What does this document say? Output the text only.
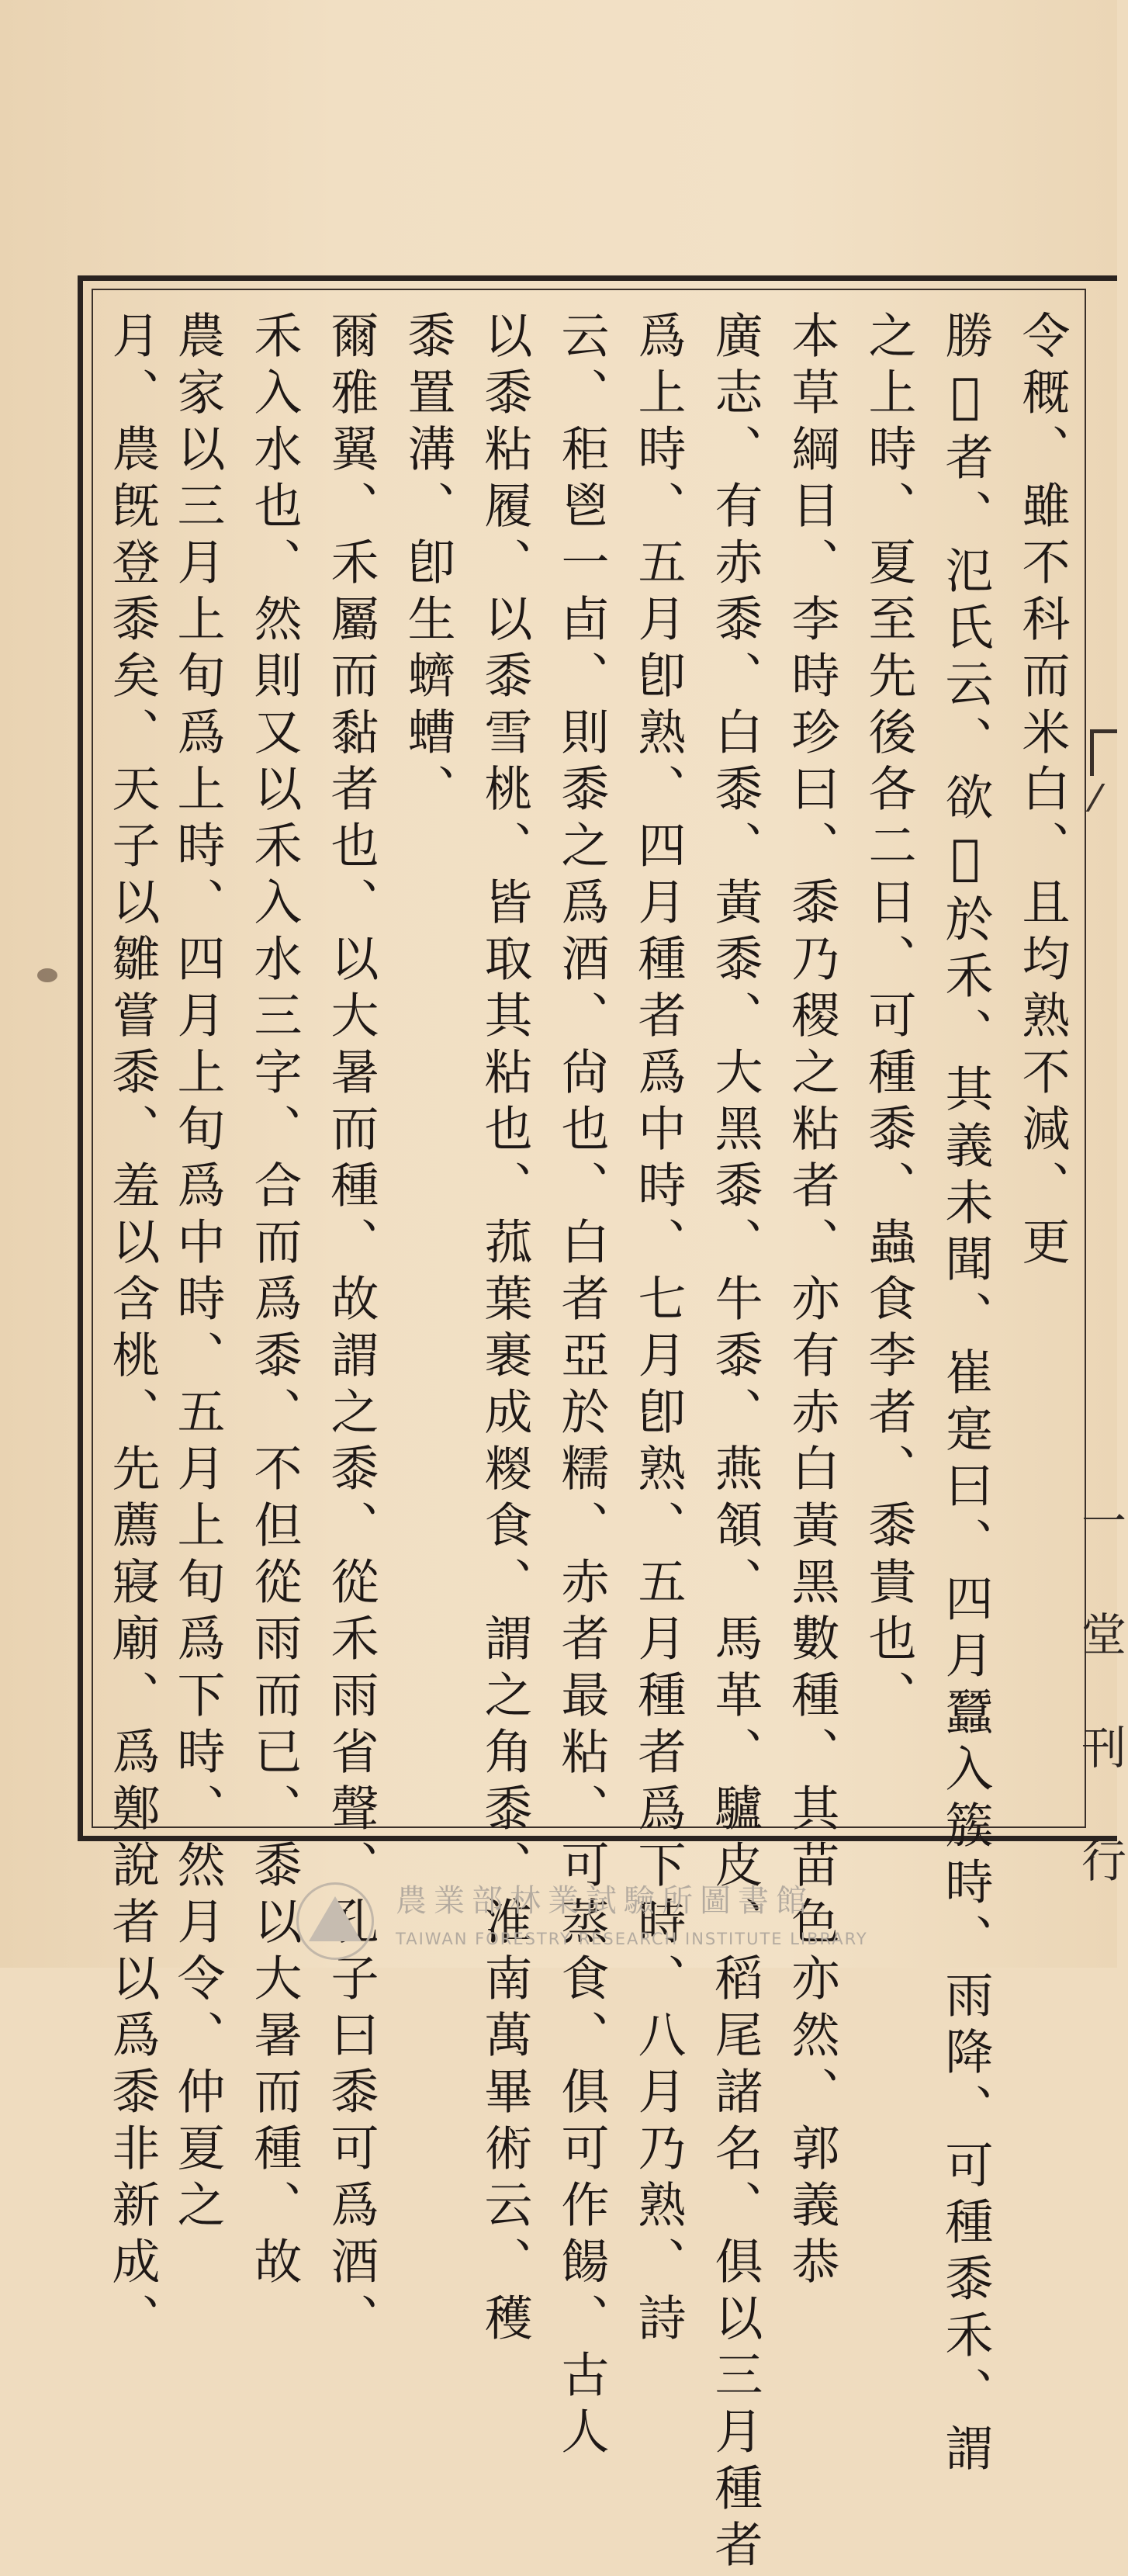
令穊、雖不科而米白、且均熟不減、更
勝𨇾者、氾氏云、欲𨇾於禾、其義未聞、崔寔曰、四月蠶入簇時、雨降、可種黍禾、謂
之上時、夏至先後各二日、可種黍、蟲食李者、黍貴也、
本草綱目、李時珍曰、黍乃稷之粘者、亦有赤白黃黑數種、其苗色亦然、郭義恭
廣志、有赤黍、白黍、黃黍、大黑黍、牛黍、燕頷、馬革、驢皮、稻尾諸名、俱以三月種者
爲上時、五月卽熟、四月種者爲中時、七月卽熟、五月種者爲下時、八月乃熟、詩
云、秬鬯一卣、則黍之爲酒、尙也、白者亞於糯、赤者最粘、可蒸食、俱可作餳、古人
以黍粘履、以黍雪桃、皆取其粘也、菰葉裹成糉食、謂之角黍、淮南萬畢術云、穫
黍置溝、卽生蠐螬、
爾雅翼、禾屬而黏者也、以大暑而種、故謂之黍、從禾雨省聲、孔子曰黍可爲酒、
禾入水也、然則又以禾入水三字、合而爲黍、不但從雨而已、黍以大暑而種、故
農家以三月上旬爲上時、四月上旬爲中時、五月上旬爲下時、然月令、仲夏之
月、農旣登黍矣、天子以雛嘗黍、羞以含桃、先薦寢廟、爲鄭說者以爲黍非新成、	一 堂 刊 行
農業部林業試驗所圖書館
TAIWAN FORESTRY RESEARCH INSTITUTE LIBRARY
